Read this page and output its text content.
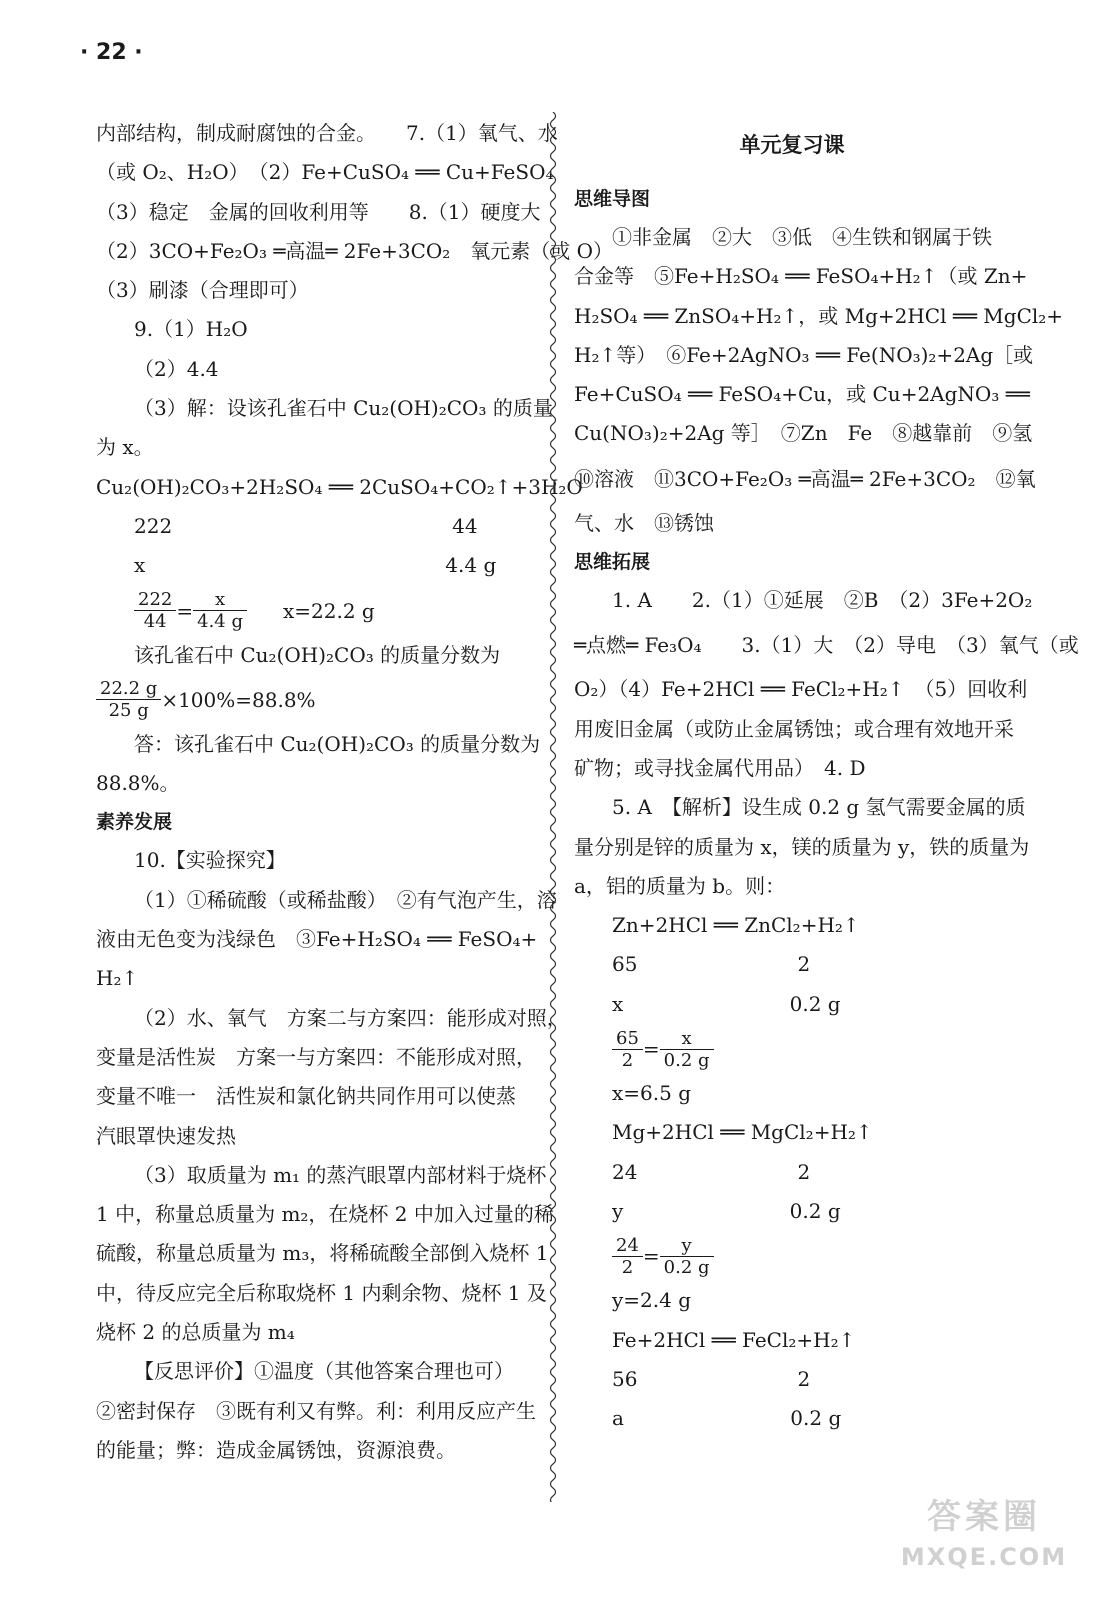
· 22 ·
内部结构，制成耐腐蚀的合金。　　7.（1）氧气、水
（或 O₂、H₂O）　（2）Fe+CuSO₄ ══ Cu+FeSO₄
（3）稳定　金属的回收利用等　　8.（1）硬度大
（2）3CO+Fe₂O₃ ═高温═ 2Fe+3CO₂　氧元素（或 O）
（3）刷漆（合理即可）
9.（1）H₂O
（2）4.4
（3）解：设该孔雀石中 Cu₂(OH)₂CO₃ 的质量
为 x。
Cu₂(OH)₂CO₃+2H₂SO₄ ══ 2CuSO₄+CO₂↑+3H₂O
222　　　　　　　　　　　　　　44
x　　　　　　　　　　　　　　　4.4 g
$\frac{222}{44} = \frac{x}{4.4 g} x=22.2$ g
该孔雀石中 Cu₂(OH)₂CO₃ 的质量分数为
$\frac{22.2 g}{25 g} \times 100\%=88.8\%$
答：该孔雀石中 Cu₂(OH)₂CO₃ 的质量分数为
88.8%。
素养发展
10.【实验探究】
（1）①稀硫酸（或稀盐酸）　②有气泡产生，溶
液由无色变为浅绿色　③Fe+H₂SO₄ ══ FeSO₄+
H₂↑
（2）水、氧气　方案二与方案四：能形成对照，
变量是活性炭　方案一与方案四：不能形成对照，
变量不唯一　活性炭和氯化钠共同作用可以使蒸
汽眼罩快速发热
（3）取质量为 m₁ 的蒸汽眼罩内部材料于烧杯
1 中，称量总质量为 m₂，在烧杯 2 中加入过量的稀
硫酸，称量总质量为 m₃，将稀硫酸全部倒入烧杯 1
中，待反应完全后称取烧杯 1 内剩余物、烧杯 1 及
烧杯 2 的总质量为 m₄
【反思评价】①温度（其他答案合理也可）
②密封保存　③既有利又有弊。利：利用反应产生
的能量；弊：造成金属锈蚀，资源浪费。
单元复习课
思维导图
①非金属　②大　③低　④生铁和钢属于铁
合金等　⑤Fe+H₂SO₄ ══ FeSO₄+H₂↑（或 Zn+
H₂SO₄ ══ ZnSO₄+H₂↑，或 Mg+2HCl ══ MgCl₂+
H₂↑等）　⑥Fe+2AgNO₃ ══ Fe(NO₃)₂+2Ag［或
Fe+CuSO₄ ══ FeSO₄+Cu，或 Cu+2AgNO₃ ══
Cu(NO₃)₂+2Ag 等］　⑦Zn　Fe　⑧越靠前　⑨氢
⑩溶液　⑪3CO+Fe₂O₃ ═高温═ 2Fe+3CO₂　⑫氧
气、水　⑬锈蚀
思维拓展
1. A　　2.（1）①延展　②B　（2）3Fe+2O₂
═点燃═ Fe₃O₄　　3.（1）大　（2）导电　（3）氧气（或
O₂）（4）Fe+2HCl ══ FeCl₂+H₂↑　（5）回收利
用废旧金属（或防止金属锈蚀；或合理有效地开采
矿物；或寻找金属代用品）　4. D
5. A　【解析】设生成 0.2 g 氢气需要金属的质
量分别是锌的质量为 x，镁的质量为 y，铁的质量为
a，铝的质量为 b。则：
Zn+2HCl ══ ZnCl₂+H₂↑
65　　　　　　　　2
x　　　　　　　　 0.2 g
$\frac{65}{2} = \frac{x}{0.2 g}$
x=6.5 g
Mg+2HCl ══ MgCl₂+H₂↑
24　　　　　　　　2
y　　　　　　　　 0.2 g
$\frac{24}{2} = \frac{y}{0.2 g}$
y=2.4 g
Fe+2HCl ══ FeCl₂+H₂↑
56　　　　　　　　2
a　　　　　　　　 0.2 g
答案圈
MXQE.COM
